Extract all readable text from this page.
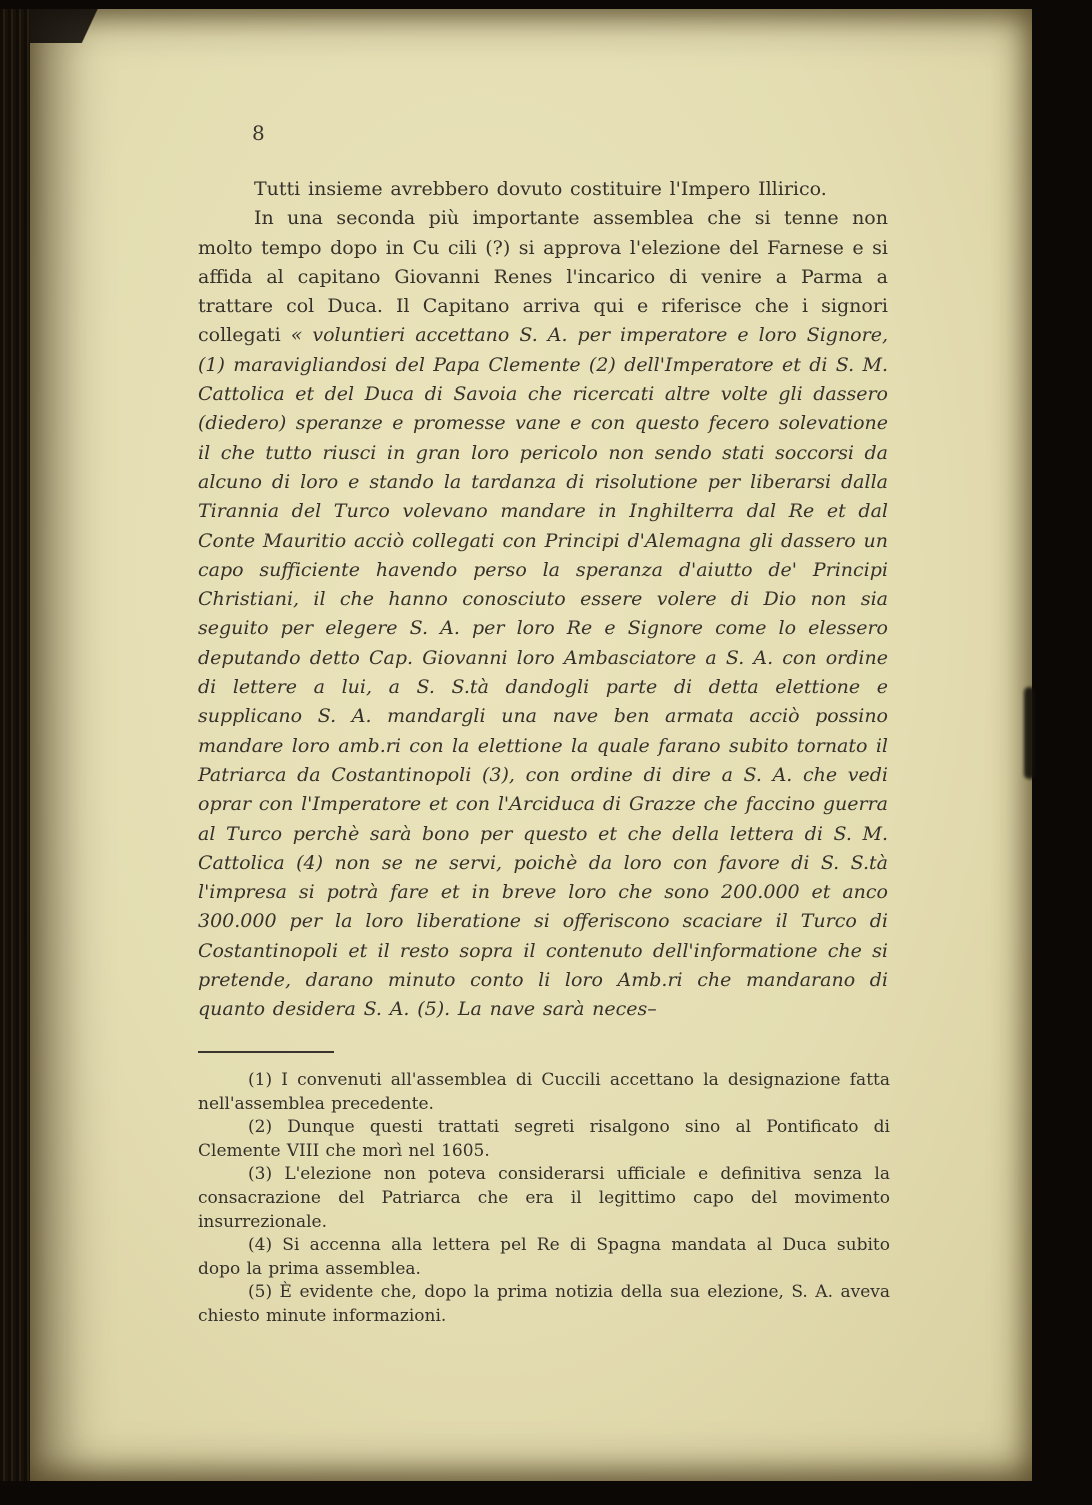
8

Tutti insieme avrebbero dovuto costituire l'Impero Illirico.

In una seconda più importante assemblea che si tenne non molto tempo dopo in Cu cili (?) si approva l'elezione del Farnese e si affida al capitano Giovanni Renes l'incarico di venire a Parma a trattare col Duca. Il Capitano arriva qui e riferisce che i signori collegati « voluntieri accettano S. A. per imperatore e loro Signore, (1) maravigliandosi del Papa Clemente (2) dell'Imperatore et di S. M. Cattolica et del Duca di Savoia che ricercati altre volte gli dassero (diedero) speranze e promesse vane e con questo fecero solevatione il che tutto riusci in gran loro pericolo non sendo stati soccorsi da alcuno di loro e stando la tardanza di risolutione per liberarsi dalla Tirannia del Turco volevano mandare in Inghilterra dal Re et dal Conte Mauritio acciò collegati con Principi d'Alemagna gli dassero un capo sufficiente havendo perso la speranza d'aiutto de' Principi Christiani, il che hanno conosciuto essere volere di Dio non sia seguito per elegere S. A. per loro Re e Signore come lo elessero deputando detto Cap. Giovanni loro Ambasciatore a S. A. con ordine di lettere a lui, a S. S.tà dandogli parte di detta elettione e supplicano S. A. mandargli una nave ben armata acciò possino mandare loro amb.ri con la elettione la quale farano subito tornato il Patriarca da Costantinopoli (3), con ordine di dire a S. A. che vedi oprar con l'Imperatore et con l'Arciduca di Grazze che faccino guerra al Turco perchè sarà bono per questo et che della lettera di S. M. Cattolica (4) non se ne servi, poichè da loro con favore di S. S.tà l'impresa si potrà fare et in breve loro che sono 200.000 et anco 300.000 per la loro liberatione si offeriscono scaciare il Turco di Costantinopoli et il resto sopra il contenuto dell'informatione che si pretende, darano minuto conto li loro Amb.ri che mandarano di quanto desidera S. A. (5). La nave sarà neces–

(1) I convenuti all'assemblea di Cuccili accettano la designazione fatta nell'assemblea precedente.

(2) Dunque questi trattati segreti risalgono sino al Pontificato di Clemente VIII che morì nel 1605.

(3) L'elezione non poteva considerarsi ufficiale e definitiva senza la consacrazione del Patriarca che era il legittimo capo del movimento insurrezionale.

(4) Si accenna alla lettera pel Re di Spagna mandata al Duca subito dopo la prima assemblea.

(5) È evidente che, dopo la prima notizia della sua elezione, S. A. aveva chiesto minute informazioni.
